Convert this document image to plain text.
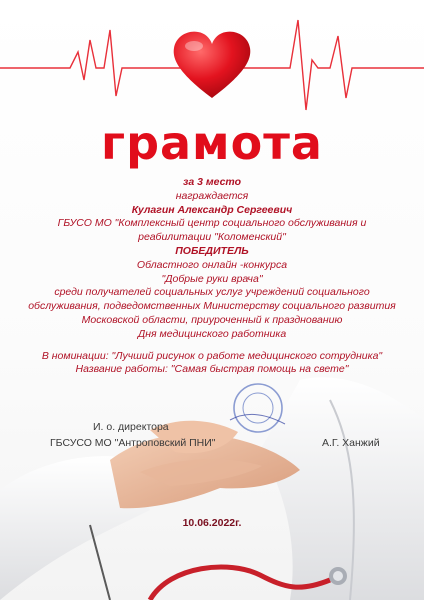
грамота
за 3 место
награждается
Кулагин Александр Сергеевич
ГБУСО МО "Комплексный центр социального обслуживания и
реабилитации "Коломенский"
ПОБЕДИТЕЛЬ
Областного онлайн -конкурса
"Добрые руки врача"
среди получателей социальных услуг учреждений социального
обслуживания, подведомственных Министерству социального развития
Московской области, приуроченный к празднованию
Дня медицинского работника
В номинации: "Лучший рисунок о работе медицинского сотрудника"
Название работы: "Самая быстрая помощь на свете"
И. о. директора
ГБСУСО МО "Антроповский ПНИ"	А.Г. Ханжий
10.06.2022г.
